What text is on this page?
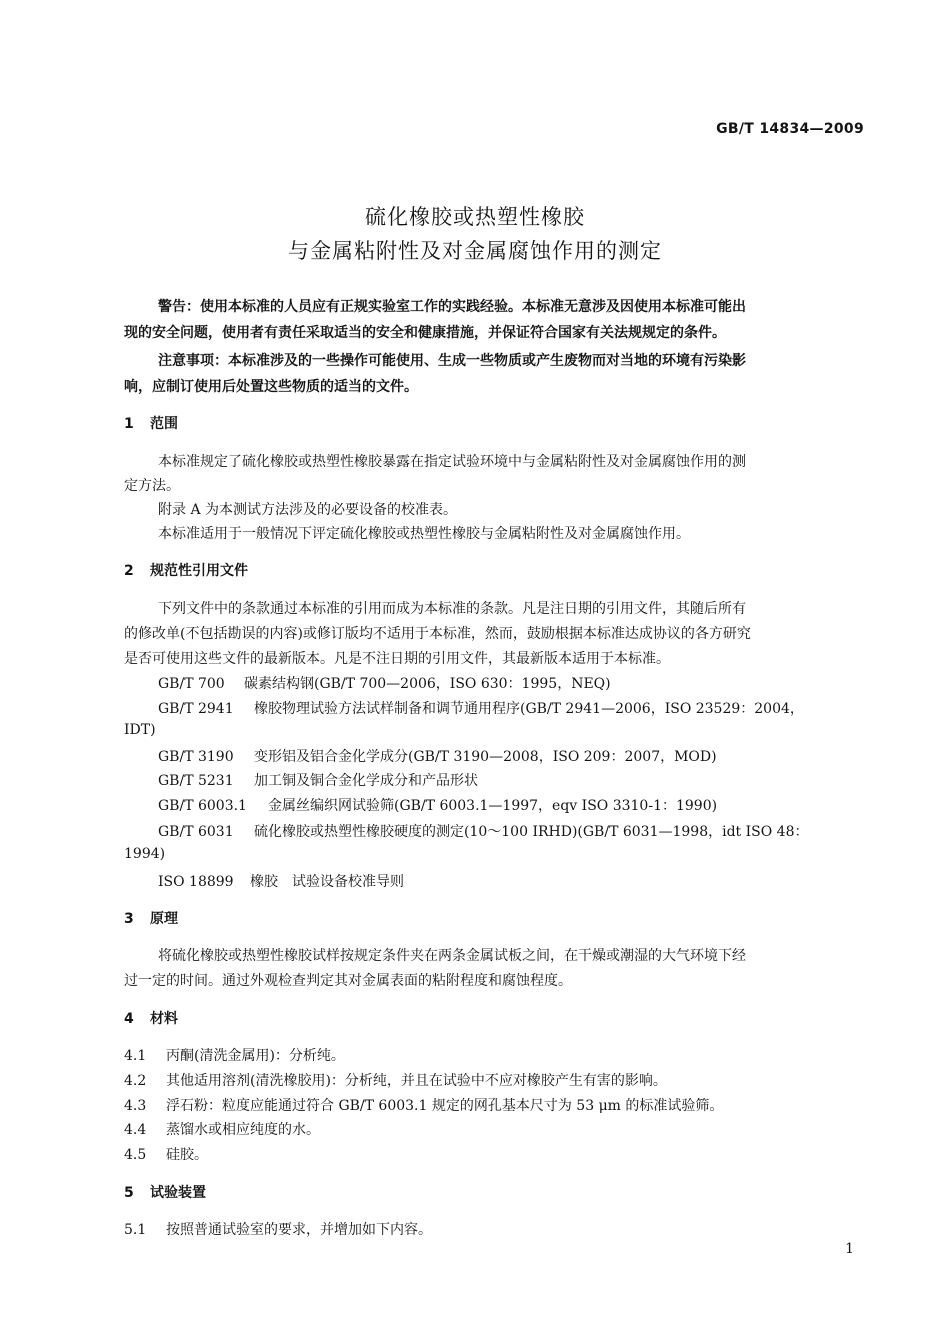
GB/T 14834—2009
硫化橡胶或热塑性橡胶
与金属粘附性及对金属腐蚀作用的测定
警告：使用本标准的人员应有正规实验室工作的实践经验。本标准无意涉及因使用本标准可能出
现的安全问题，使用者有责任采取适当的安全和健康措施，并保证符合国家有关法规规定的条件。
注意事项：本标准涉及的一些操作可能使用、生成一些物质或产生废物而对当地的环境有污染影
响，应制订使用后处置这些物质的适当的文件。
1 范围
本标准规定了硫化橡胶或热塑性橡胶暴露在指定试验环境中与金属粘附性及对金属腐蚀作用的测
定方法。
附录 A 为本测试方法涉及的必要设备的校准表。
本标准适用于一般情况下评定硫化橡胶或热塑性橡胶与金属粘附性及对金属腐蚀作用。
2 规范性引用文件
下列文件中的条款通过本标准的引用而成为本标准的条款。凡是注日期的引用文件，其随后所有
的修改单(不包括勘误的内容)或修订版均不适用于本标准，然而，鼓励根据本标准达成协议的各方研究
是否可使用这些文件的最新版本。凡是不注日期的引用文件，其最新版本适用于本标准。
GB/T 700 碳素结构钢(GB/T 700—2006，ISO 630：1995，NEQ)
GB/T 2941 橡胶物理试验方法试样制备和调节通用程序(GB/T 2941—2006，ISO 23529：2004，
IDT)
GB/T 3190 变形铝及铝合金化学成分(GB/T 3190—2008，ISO 209：2007，MOD)
GB/T 5231 加工铜及铜合金化学成分和产品形状
GB/T 6003.1 金属丝编织网试验筛(GB/T 6003.1—1997，eqv ISO 3310-1：1990)
GB/T 6031 硫化橡胶或热塑性橡胶硬度的测定(10～100 IRHD)(GB/T 6031—1998，idt ISO 48：
1994)
ISO 18899 橡胶　试验设备校准导则
3 原理
将硫化橡胶或热塑性橡胶试样按规定条件夹在两条金属试板之间，在干燥或潮湿的大气环境下经
过一定的时间。通过外观检查判定其对金属表面的粘附程度和腐蚀程度。
4 材料
4.1 丙酮(清洗金属用)：分析纯。
4.2 其他适用溶剂(清洗橡胶用)：分析纯，并且在试验中不应对橡胶产生有害的影响。
4.3 浮石粉：粒度应能通过符合 GB/T 6003.1 规定的网孔基本尺寸为 53 μm 的标准试验筛。
4.4 蒸馏水或相应纯度的水。
4.5 硅胶。
5 试验装置
5.1 按照普通试验室的要求，并增加如下内容。
1
